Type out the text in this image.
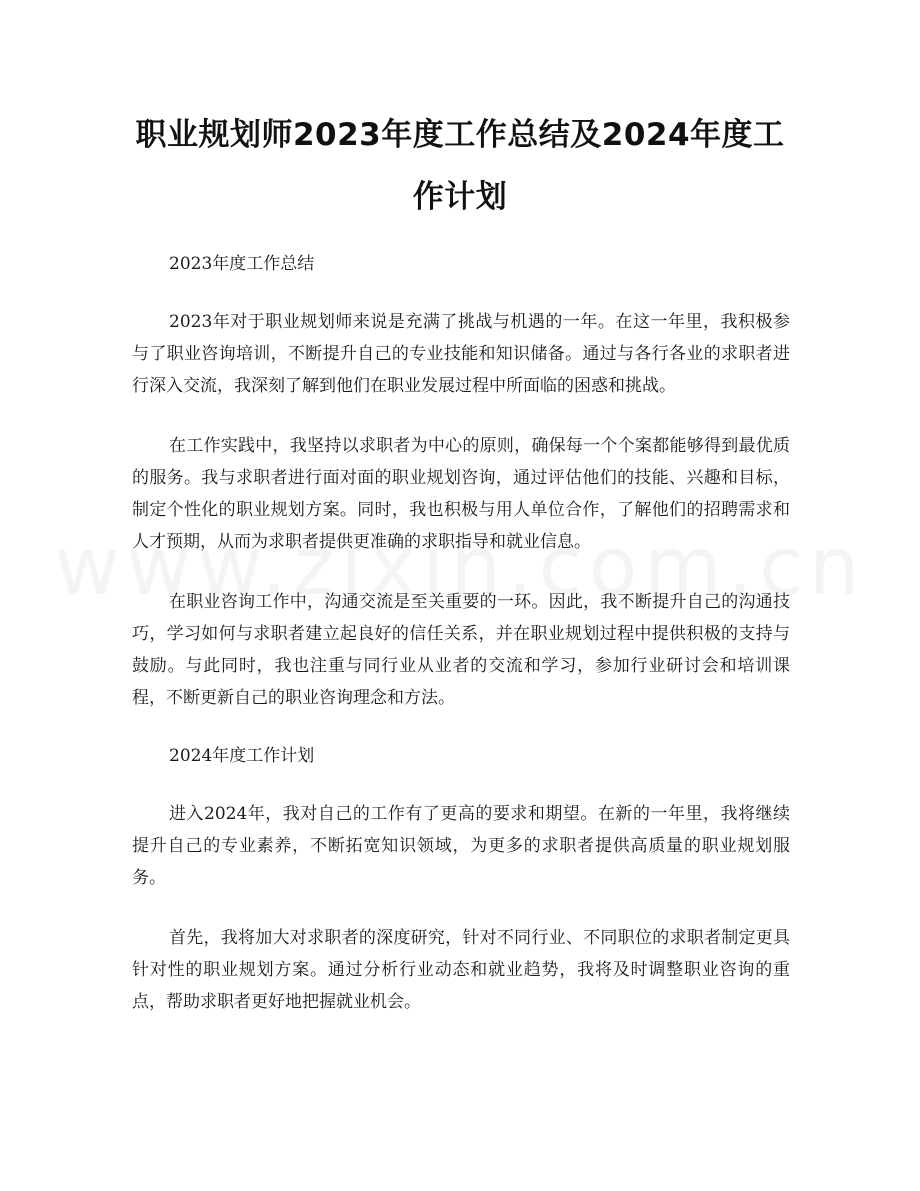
职业规划师2023年度工作总结及2024年度工作计划

2023年度工作总结

2023年对于职业规划师来说是充满了挑战与机遇的一年。在这一年里，我积极参与了职业咨询培训，不断提升自己的专业技能和知识储备。通过与各行各业的求职者进行深入交流，我深刻了解到他们在职业发展过程中所面临的困惑和挑战。

在工作实践中，我坚持以求职者为中心的原则，确保每一个个案都能够得到最优质的服务。我与求职者进行面对面的职业规划咨询，通过评估他们的技能、兴趣和目标，制定个性化的职业规划方案。同时，我也积极与用人单位合作，了解他们的招聘需求和人才预期，从而为求职者提供更准确的求职指导和就业信息。

在职业咨询工作中，沟通交流是至关重要的一环。因此，我不断提升自己的沟通技巧，学习如何与求职者建立起良好的信任关系，并在职业规划过程中提供积极的支持与鼓励。与此同时，我也注重与同行业从业者的交流和学习，参加行业研讨会和培训课程，不断更新自己的职业咨询理念和方法。

2024年度工作计划

进入2024年，我对自己的工作有了更高的要求和期望。在新的一年里，我将继续提升自己的专业素养，不断拓宽知识领域，为更多的求职者提供高质量的职业规划服务。

首先，我将加大对求职者的深度研究，针对不同行业、不同职位的求职者制定更具针对性的职业规划方案。通过分析行业动态和就业趋势，我将及时调整职业咨询的重点，帮助求职者更好地把握就业机会。
